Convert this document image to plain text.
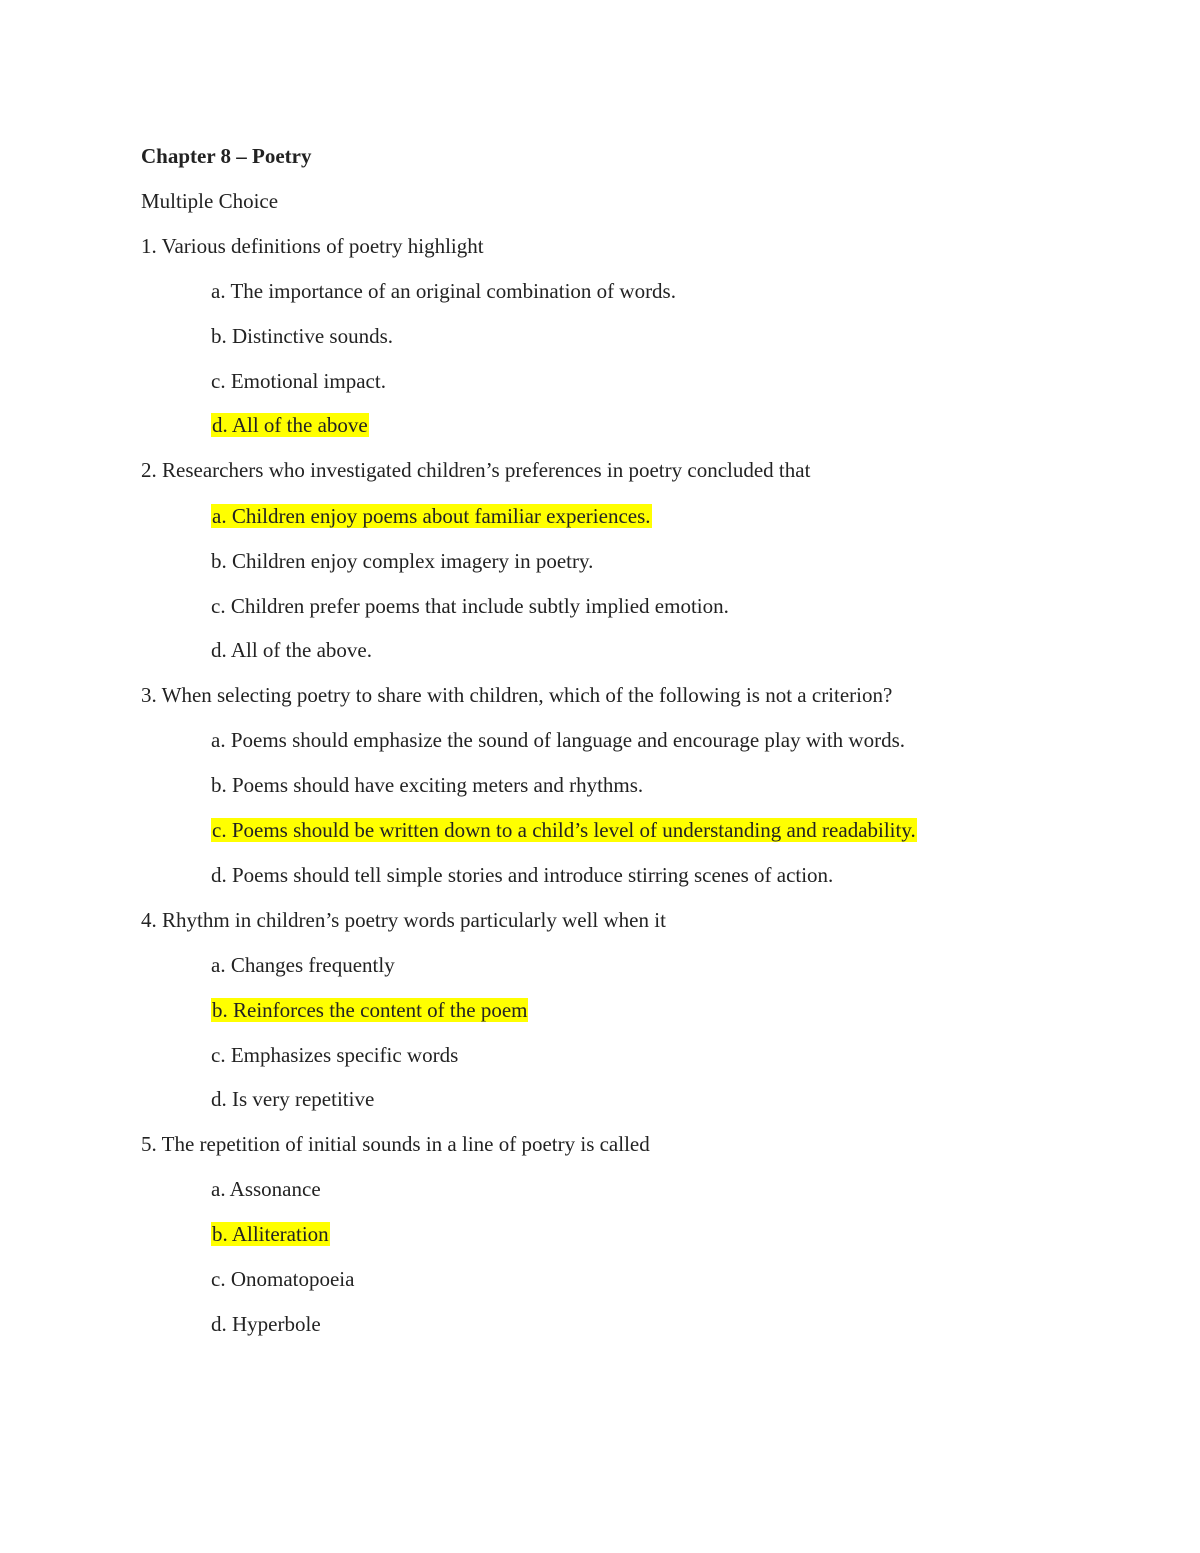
Chapter 8 – Poetry
Multiple Choice
1. Various definitions of poetry highlight
a. The importance of an original combination of words.
b. Distinctive sounds.
c. Emotional impact.
d. All of the above
2. Researchers who investigated children’s preferences in poetry concluded that
a. Children enjoy poems about familiar experiences.
b. Children enjoy complex imagery in poetry.
c. Children prefer poems that include subtly implied emotion.
d. All of the above.
3. When selecting poetry to share with children, which of the following is not a criterion?
a. Poems should emphasize the sound of language and encourage play with words.
b. Poems should have exciting meters and rhythms.
c. Poems should be written down to a child’s level of understanding and readability.
d. Poems should tell simple stories and introduce stirring scenes of action.
4. Rhythm in children’s poetry words particularly well when it
a. Changes frequently
b. Reinforces the content of the poem
c. Emphasizes specific words
d. Is very repetitive
5. The repetition of initial sounds in a line of poetry is called
a. Assonance
b. Alliteration
c. Onomatopoeia
d. Hyperbole
